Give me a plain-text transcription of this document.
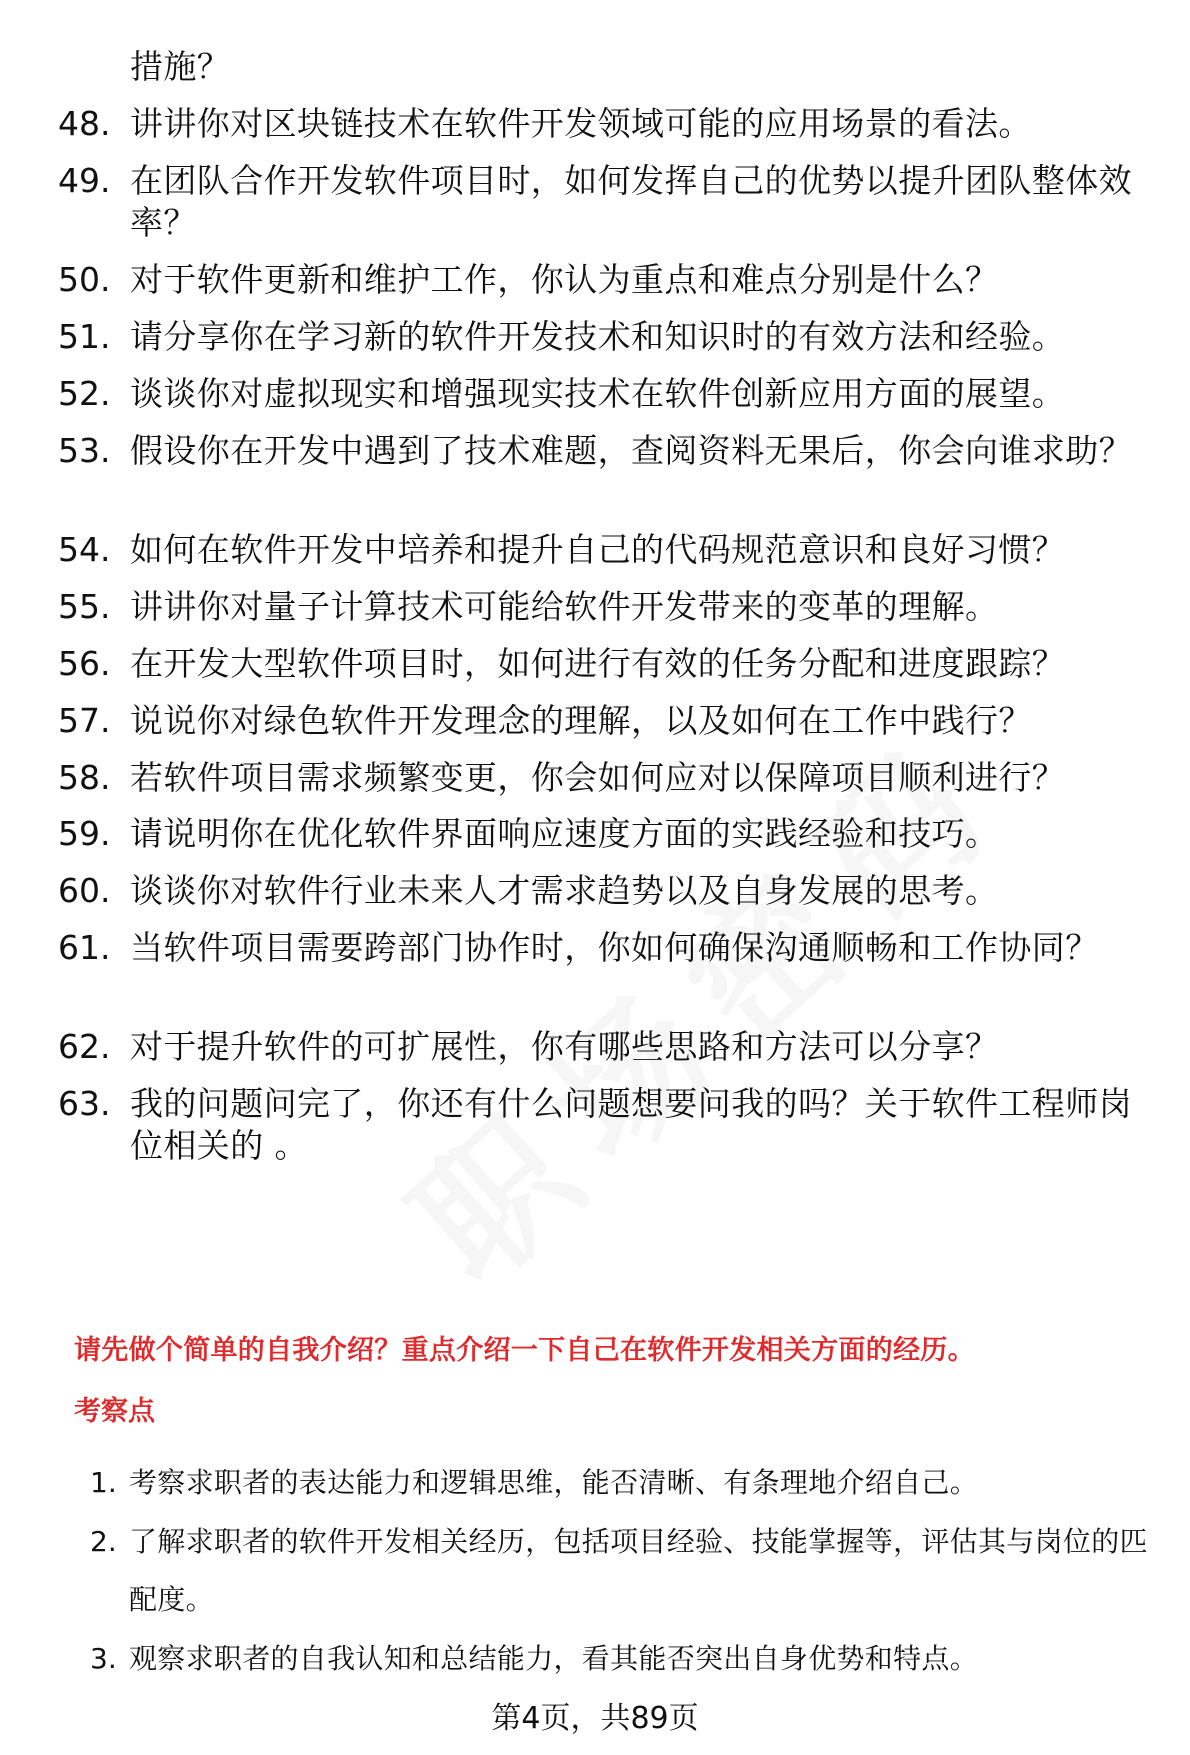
措施？
48. 讲讲你对区块链技术在软件开发领域可能的应用场景的看法。
49. 在团队合作开发软件项目时，如何发挥自己的优势以提升团队整体效率？
50. 对于软件更新和维护工作，你认为重点和难点分别是什么？
51. 请分享你在学习新的软件开发技术和知识时的有效方法和经验。
52. 谈谈你对虚拟现实和增强现实技术在软件创新应用方面的展望。
53. 假设你在开发中遇到了技术难题，查阅资料无果后，你会向谁求助？
54. 如何在软件开发中培养和提升自己的代码规范意识和良好习惯？
55. 讲讲你对量子计算技术可能给软件开发带来的变革的理解。
56. 在开发大型软件项目时，如何进行有效的任务分配和进度跟踪？
57. 说说你对绿色软件开发理念的理解，以及如何在工作中践行？
58. 若软件项目需求频繁变更，你会如何应对以保障项目顺利进行？
59. 请说明你在优化软件界面响应速度方面的实践经验和技巧。
60. 谈谈你对软件行业未来人才需求趋势以及自身发展的思考。
61. 当软件项目需要跨部门协作时，你如何确保沟通顺畅和工作协同？
62. 对于提升软件的可扩展性，你有哪些思路和方法可以分享？
63. 我的问题问完了，你还有什么问题想要问我的吗？关于软件工程师岗位相关的 。
请先做个简单的自我介绍？重点介绍一下自己在软件开发相关方面的经历。
考察点
1. 考察求职者的表达能力和逻辑思维，能否清晰、有条理地介绍自己。
2. 了解求职者的软件开发相关经历，包括项目经验、技能掌握等，评估其与岗位的匹配度。
3. 观察求职者的自我认知和总结能力，看其能否突出自身优势和特点。
第4页，共89页
